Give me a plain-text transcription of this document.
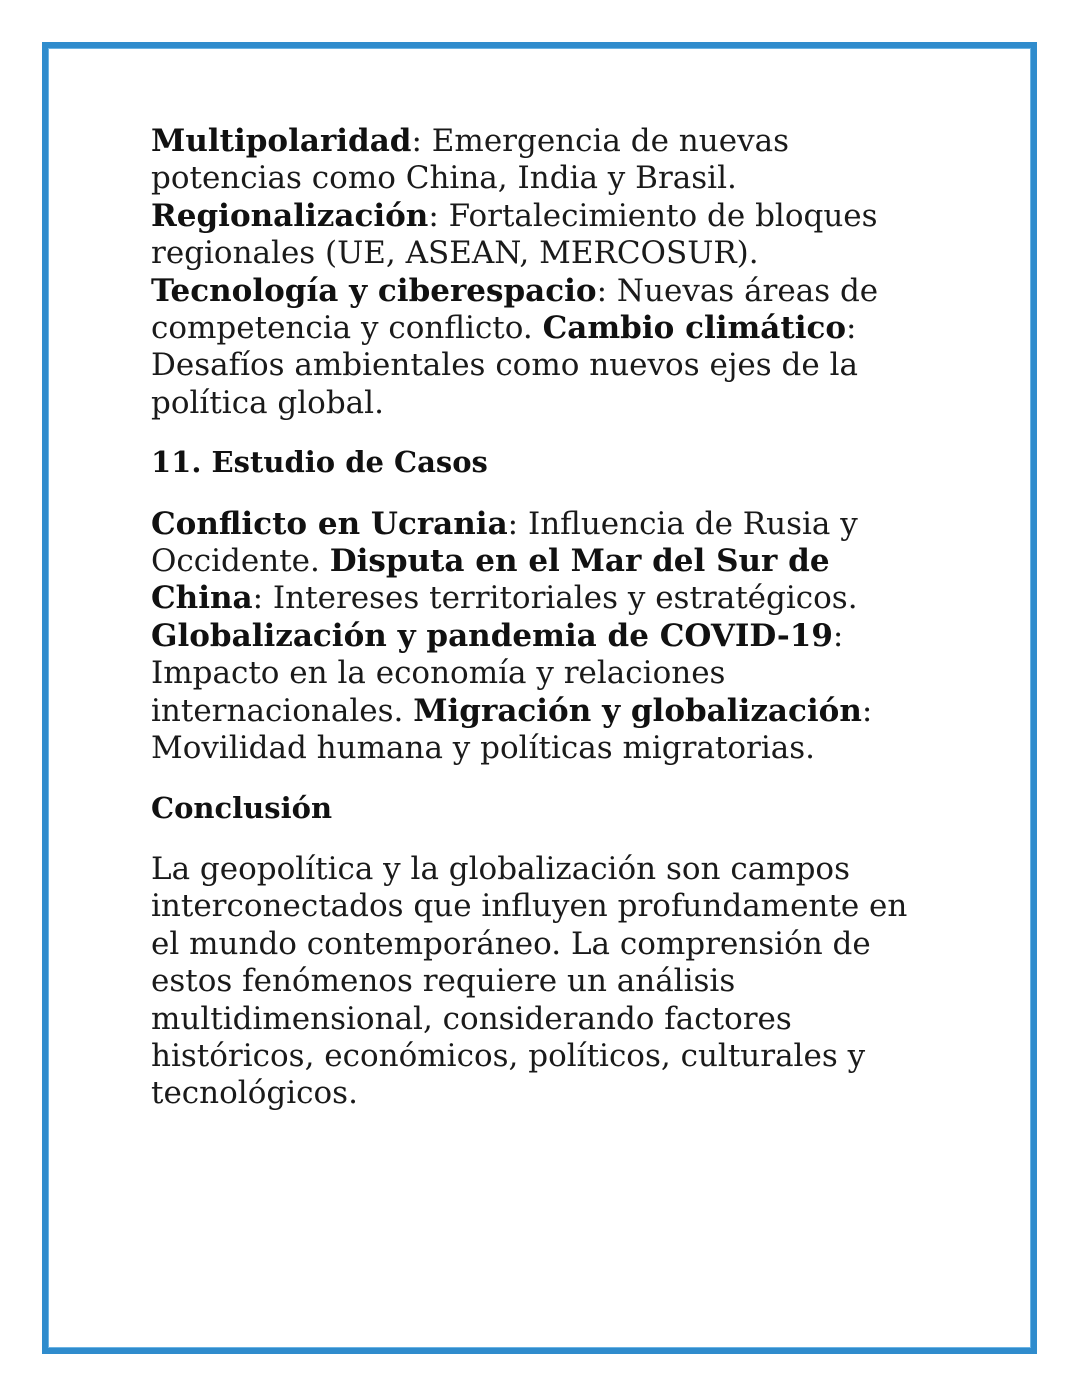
Multipolaridad: Emergencia de nuevas potencias como China, India y Brasil. Regionalización: Fortalecimiento de bloques regionales (UE, ASEAN, MERCOSUR). Tecnología y ciberespacio: Nuevas áreas de competencia y conflicto. Cambio climático: Desafíos ambientales como nuevos ejes de la política global.

11. Estudio de Casos

Conflicto en Ucrania: Influencia de Rusia y Occidente. Disputa en el Mar del Sur de China: Intereses territoriales y estratégicos. Globalización y pandemia de COVID-19: Impacto en la economía y relaciones internacionales. Migración y globalización: Movilidad humana y políticas migratorias.

Conclusión

La geopolítica y la globalización son campos interconectados que influyen profundamente en el mundo contemporáneo. La comprensión de estos fenómenos requiere un análisis multidimensional, considerando factores históricos, económicos, políticos, culturales y tecnológicos.
